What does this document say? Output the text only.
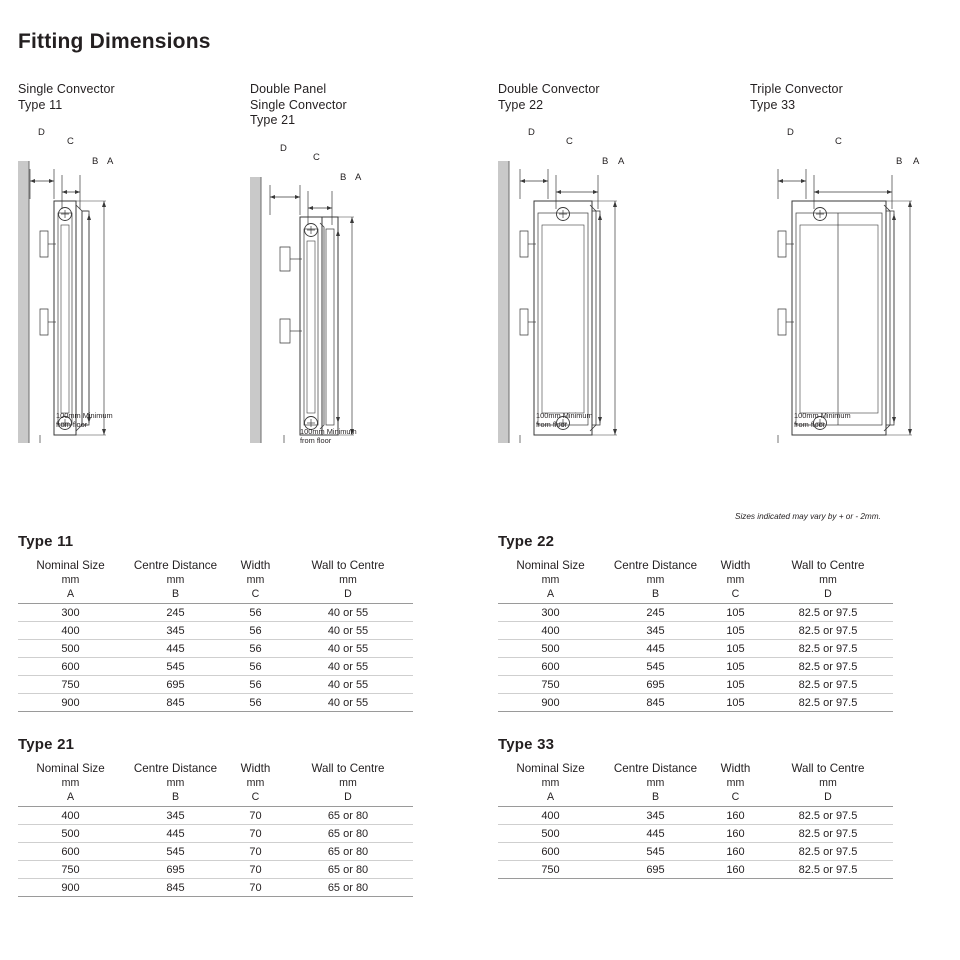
Fitting Dimensions
Single Convector
Type 11
D
C
B A
100mm Minimum
from floor
Double Panel
Single Convector
Type 21
D
C
B A
100mm Minimum
from floor
Double Convector
Type 22
D
C
B A
100mm Minimum
from floor
Triple Convector
Type 33
D
C
B A
100mm Minimum
from floor
Sizes indicated may vary by + or - 2mm.
Type 11
Nominal Size	Centre Distance	Width	Wall to Centre
mm	mm	mm	mm
A	B	C	D
300	245	56	40 or 55
400	345	56	40 or 55
500	445	56	40 or 55
600	545	56	40 or 55
750	695	56	40 or 55
900	845	56	40 or 55
Type 22
Nominal Size	Centre Distance	Width	Wall to Centre
mm	mm	mm	mm
A	B	C	D
300	245	105	82.5 or 97.5
400	345	105	82.5 or 97.5
500	445	105	82.5 or 97.5
600	545	105	82.5 or 97.5
750	695	105	82.5 or 97.5
900	845	105	82.5 or 97.5
Type 21
Nominal Size	Centre Distance	Width	Wall to Centre
mm	mm	mm	mm
A	B	C	D
400	345	70	65 or 80
500	445	70	65 or 80
600	545	70	65 or 80
750	695	70	65 or 80
900	845	70	65 or 80
Type 33
Nominal Size	Centre Distance	Width	Wall to Centre
mm	mm	mm	mm
A	B	C	D
400	345	160	82.5 or 97.5
500	445	160	82.5 or 97.5
600	545	160	82.5 or 97.5
750	695	160	82.5 or 97.5
